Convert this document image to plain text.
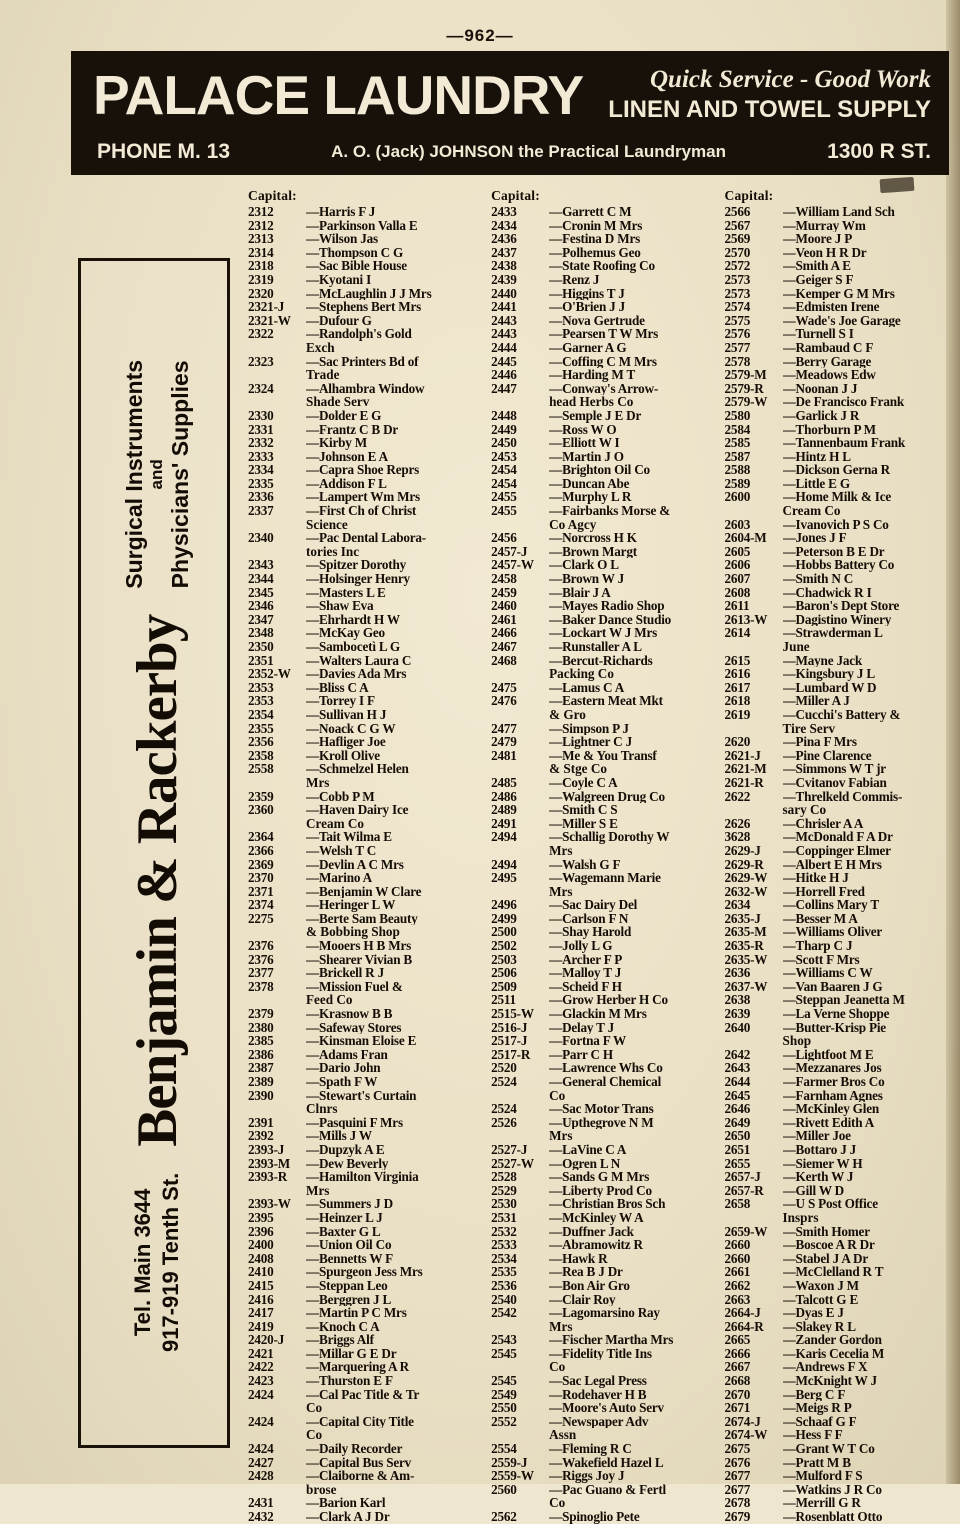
—962—
PALACE LAUNDRY	Quick Service - Good Work
LINEN AND TOWEL SUPPLY
PHONE M. 13	A. O. (Jack) JOHNSON the Practical Laundryman	1300 R ST.
Tel. Main 3644 917-919 Tenth St.
Benjamin & Rackerby
Surgical Instruments and Physicians' Supplies
Capital:
2312	—Harris F J
2312	—Parkinson Valla E
2313	—Wilson Jas
2314	—Thompson C G
2318	—Sac Bible House
2319	—Kyotani I
2320	—McLaughlin J J Mrs
2321-J	—Stephens Bert Mrs
2321-W	—Dufour G
2322	—Randolph's Gold
Exch
2323	—Sac Printers Bd of
Trade
2324	—Alhambra Window
Shade Serv
2330	—Dolder E G
2331	—Frantz C B Dr
2332	—Kirby M
2333	—Johnson E A
2334	—Capra Shoe Reprs
2335	—Addison F L
2336	—Lampert Wm Mrs
2337	—First Ch of Christ
Science
2340	—Pac Dental Labora-
tories Inc
2343	—Spitzer Dorothy
2344	—Holsinger Henry
2345	—Masters L E
2346	—Shaw Eva
2347	—Ehrhardt H W
2348	—McKay Geo
2350	—Sambocetì L G
2351	—Walters Laura C
2352-W	—Davies Ada Mrs
2353	—Bliss C A
2353	—Torrey I F
2354	—Sullivan H J
2355	—Noack C G W
2356	—Hafliger Joe
2358	—Kroll Olive
2558	—Schmelzel Helen
Mrs
2359	—Cobb P M
2360	—Haven Dairy Ice
Cream Co
2364	—Tait Wilma E
2366	—Welsh T C
2369	—Devlin A C Mrs
2370	—Marino A
2371	—Benjamin W Clare
2374	—Heringer L W
2275	—Berte Sam Beauty
& Bobbing Shop
2376	—Mooers H B Mrs
2376	—Shearer Vivian B
2377	—Brickell R J
2378	—Mission Fuel &
Feed Co
2379	—Krasnow B B
2380	—Safeway Stores
2385	—Kinsman Eloise E
2386	—Adams Fran
2387	—Dario John
2389	—Spath F W
2390	—Stewart's Curtain
Clnrs
2391	—Pasquini F Mrs
2392	—Mills J W
2393-J	—Dupzyk A E
2393-M	—Dew Beverly
2393-R	—Hamilton Virginia
Mrs
2393-W	—Summers J D
2395	—Heinzer L J
2396	—Baxter G L
2400	—Union Oil Co
2408	—Bennetts W F
2410	—Spurgeon Jess Mrs
2415	—Steppan Leo
2416	—Berggren J L
2417	—Martin P C Mrs
2419	—Knoch C A
2420-J	—Briggs Alf
2421	—Millar G E Dr
2422	—Marquering A R
2423	—Thurston E F
2424	—Cal Pac Title & Tr
Co
2424	—Capital City Title
Co
2424	—Daily Recorder
2427	—Capital Bus Serv
2428	—Claiborne & Am-
brose
2431	—Barion Karl
2432	—Clark A J Dr
Capital:
2433	—Garrett C M
2434	—Cronin M Mrs
2436	—Festina D Mrs
2437	—Polhemus Geo
2438	—State Roofing Co
2439	—Renz J
2440	—Higgins T J
2441	—O'Brien J J
2443	—Nova Gertrude
2443	—Pearsen T W Mrs
2444	—Garner A G
2445	—Coffing C M Mrs
2446	—Harding M T
2447	—Conway's Arrow-
head Herbs Co
2448	—Semple J E Dr
2449	—Ross W O
2450	—Elliott W I
2453	—Martin J O
2454	—Brighton Oil Co
2454	—Duncan Abe
2455	—Murphy L R
2455	—Fairbanks Morse &
Co Agcy
2456	—Norcross H K
2457-J	—Brown Margt
2457-W	—Clark O L
2458	—Brown W J
2459	—Blair J A
2460	—Mayes Radio Shop
2461	—Baker Dance Studio
2466	—Lockart W J Mrs
2467	—Runstaller A L
2468	—Bercut-Richards
Packing Co
2475	—Lamus C A
2476	—Eastern Meat Mkt
& Gro
2477	—Simpson P J
2479	—Lightner C J
2481	—Me & You Transf
& Stge Co
2485	—Coyle C A
2486	—Walgreen Drug Co
2489	—Smith C S
2491	—Miller S E
2494	—Schallig Dorothy W
Mrs
2494	—Walsh G F
2495	—Wagemann Marie
Mrs
2496	—Sac Dairy Del
2499	—Carlson F N
2500	—Shay Harold
2502	—Jolly L G
2503	—Archer F P
2506	—Malloy T J
2509	—Scheid F H
2511	—Grow Herber H Co
2515-W	—Glackin M Mrs
2516-J	—Delay T J
2517-J	—Fortna F W
2517-R	—Parr C H
2520	—Lawrence Whs Co
2524	—General Chemical
Co
2524	—Sac Motor Trans
2526	—Upthegrove N M
Mrs
2527-J	—LaVine C A
2527-W	—Ogren L N
2528	—Sands G M Mrs
2529	—Liberty Prod Co
2530	—Christian Bros Sch
2531	—McKinley W A
2532	—Duffner Jack
2533	—Abramowitz R
2534	—Hawk R
2535	—Rea B J Dr
2536	—Bon Air Gro
2540	—Clair Roy
2542	—Lagomarsino Ray
Mrs
2543	—Fischer Martha Mrs
2545	—Fidelity Title Ins
Co
2545	—Sac Legal Press
2549	—Rodehaver H B
2550	—Moore's Auto Serv
2552	—Newspaper Adv
Assn
2554	—Fleming R C
2559-J	—Wakefield Hazel L
2559-W	—Riggs Joy J
2560	—Pac Guano & Fertl
Co
2562	—Spinoglio Pete
Capital:
2566	—William Land Sch
2567	—Murray Wm
2569	—Moore J P
2570	—Veon H R Dr
2572	—Smith A E
2573	—Geiger S F
2573	—Kemper G M Mrs
2574	—Edmisten Irene
2575	—Wade's Joe Garage
2576	—Turnell S I
2577	—Rambaud C F
2578	—Berry Garage
2579-M	—Meadows Edw
2579-R	—Noonan J J
2579-W	—De Francisco Frank
2580	—Garlick J R
2584	—Thorburn P M
2585	—Tannenbaum Frank
2587	—Hintz H L
2588	—Dickson Gerna R
2589	—Little E G
2600	—Home Milk & Ice
Cream Co
2603	—Ivanovich P S Co
2604-M	—Jones J F
2605	—Peterson B E Dr
2606	—Hobbs Battery Co
2607	—Smith N C
2608	—Chadwick R I
2611	—Baron's Dept Store
2613-W	—Dagistino Winery
2614	—Strawderman L
June
2615	—Mayne Jack
2616	—Kingsbury J L
2617	—Lumbard W D
2618	—Miller A J
2619	—Cucchi's Battery &
Tire Serv
2620	—Pina F Mrs
2621-J	—Pine Clarence
2621-M	—Simmons W T jr
2621-R	—Cvitanov Fabian
2622	—Threlkeld Commis-
sary Co
2626	—Chrisler A A
3628	—McDonald F A Dr
2629-J	—Coppinger Elmer
2629-R	—Albert E H Mrs
2629-W	—Hitke H J
2632-W	—Horrell Fred
2634	—Collins Mary T
2635-J	—Besser M A
2635-M	—Williams Oliver
2635-R	—Tharp C J
2635-W	—Scott F Mrs
2636	—Williams C W
2637-W	—Van Baaren J G
2638	—Steppan Jeanetta M
2639	—La Verne Shoppe
2640	—Butter-Krisp Pie
Shop
2642	—Lightfoot M E
2643	—Mezzanares Jos
2644	—Farmer Bros Co
2645	—Farnham Agnes
2646	—McKinley Glen
2649	—Rivett Edith A
2650	—Miller Joe
2651	—Bottaro J J
2655	—Siemer W H
2657-J	—Kerth W J
2657-R	—Gill W D
2658	—U S Post Office
Insprs
2659-W	—Smith Homer
2660	—Boscoe A R Dr
2660	—Stabel J A Dr
2661	—McClelland R T
2662	—Waxon J M
2663	—Talcott G E
2664-J	—Dyas E J
2664-R	—Slakey R L
2665	—Zander Gordon
2666	—Karis Cecelia M
2667	—Andrews F X
2668	—McKnight W J
2670	—Berg C F
2671	—Meigs R P
2674-J	—Schaaf G F
2674-W	—Hess F F
2675	—Grant W T Co
2676	—Pratt M B
2677	—Mulford F S
2677	—Watkins J R Co
2678	—Merrill G R
2679	—Rosenblatt Otto
